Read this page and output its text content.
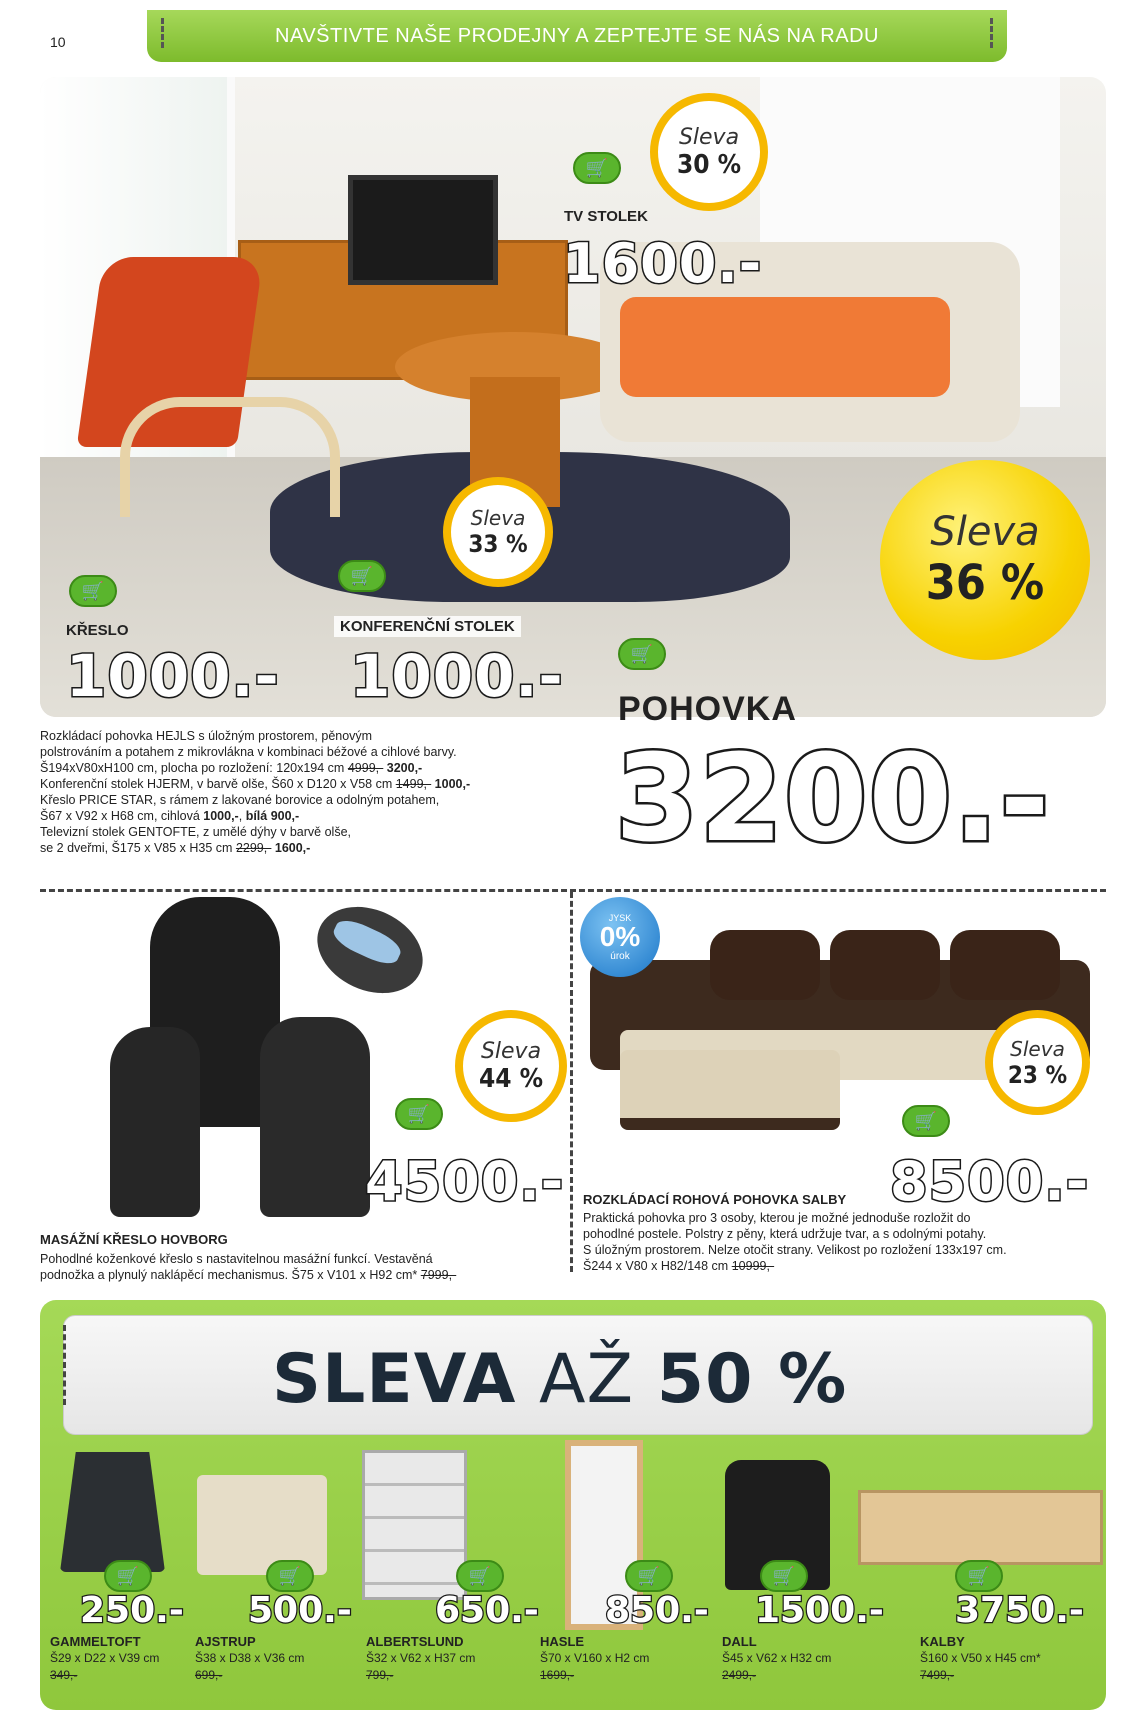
10	NAVŠTIVTE NAŠE PRODEJNY A ZEPTEJTE SE NÁS NA RADU
Sleva
30 %
🛒
TV STOLEK
1600.-
🛒
KŘESLO
1000.-
Sleva
33 %
🛒
KONFERENČNÍ STOLEK
1000.-
Sleva
36 %
🛒
POHOVKA
3200.-
Rozkládací pohovka HEJLS s úložným prostorem, pěnovým
polstrováním a potahem z mikrovlákna v kombinaci béžové a cihlové barvy.
Š194xV80xH100 cm, plocha po rozložení: 120x194 cm 4999,- 3200,-
Konferenční stolek HJERM, v barvě olše, Š60 x D120 x V58 cm 1499,- 1000,-
Křeslo PRICE STAR, s rámem z lakované borovice a odolným potahem,
Š67 x V92 x H68 cm, cihlová 1000,-, bílá 900,-
Televizní stolek GENTOFTE, z umělé dýhy v barvě olše,
se 2 dveřmi, Š175 x V85 x H35 cm 2299,- 1600,-
Sleva
44 %
🛒
4500.-
MASÁŽNÍ KŘESLO HOVBORG
Pohodlné koženkové křeslo s nastavitelnou masážní funkcí. Vestavěná
podnožka a plynulý naklápěcí mechanismus. Š75 x V101 x H92 cm* 7999,-
JYSK
0%
úrok
Sleva
23 %
🛒
8500.-
ROZKLÁDACÍ ROHOVÁ POHOVKA SALBY
Praktická pohovka pro 3 osoby, kterou je možné jednoduše rozložit do
pohodlné postele. Polstry z pěny, která udržuje tvar, a s odolnými potahy.
S úložným prostorem. Nelze otočit strany. Velikost po rozložení 133x197 cm.
Š244 x V80 x H82/148 cm 10999,-
SLEVA AŽ 50 %
🛒	🛒	🛒	🛒	🛒	🛒
250.-
GAMMELTOFT
Š29 x D22 x V39 cm
349,-
500.-
AJSTRUP
Š38 x D38 x V36 cm
699,-
650.-
ALBERTSLUND
Š32 x V62 x H37 cm
799,-
850.-
HASLE
Š70 x V160 x H2 cm
1699,-
1500.-
DALL
Š45 x V62 x H32 cm
2499,-
3750.-
KALBY
Š160 x V50 x H45 cm*
7499,-
